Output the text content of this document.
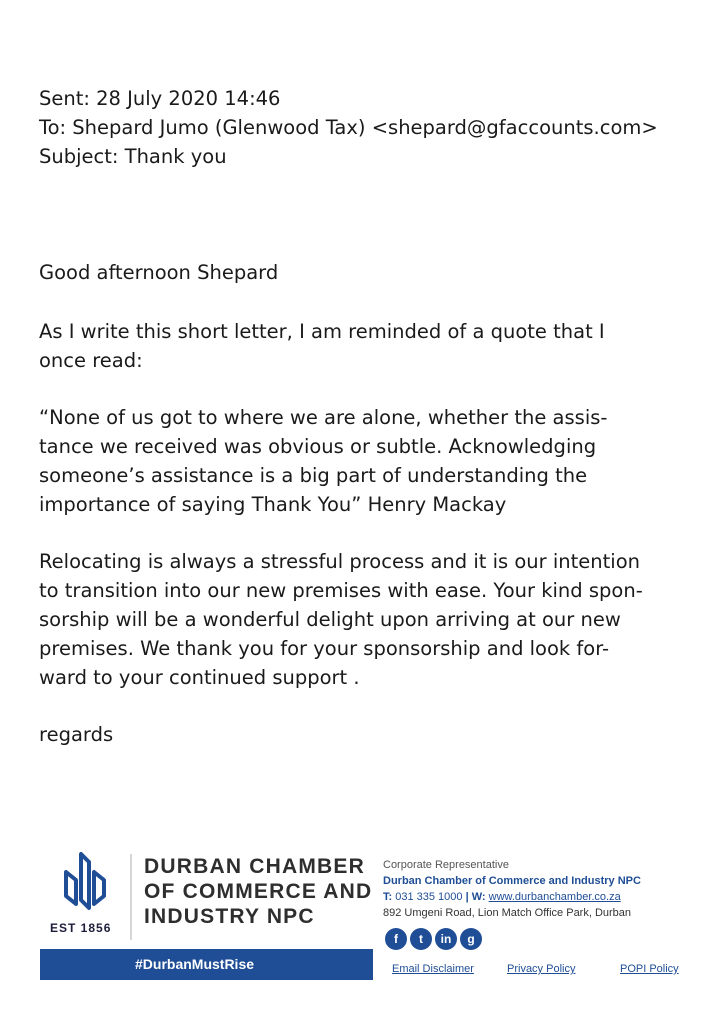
Sent: 28 July 2020 14:46
To: Shepard Jumo (Glenwood Tax) <shepard@gfaccounts.com>
Subject: Thank you
Good afternoon Shepard
As I write this short letter, I am reminded of a quote that I
once read:
“None of us got to where we are alone, whether the assis-
tance we received was obvious or subtle. Acknowledging
someone’s assistance is a big part of understanding the
importance of saying Thank You” Henry Mackay
Relocating is always a stressful process and it is our intention
to transition into our new premises with ease. Your kind spon-
sorship will be a wonderful delight upon arriving at our new
premises. We thank you for your sponsorship and look for-
ward to your continued support .
regards
EST 1856
DURBAN CHAMBER
OF COMMERCE AND
INDUSTRY NPC
#DurbanMustRise
Corporate Representative
Durban Chamber of Commerce and Industry NPC
T: 031 335 1000 | W: www.durbanchamber.co.za
892 Umgeni Road, Lion Match Office Park, Durban
f	t	in	g
Email Disclaimer	Privacy Policy	POPI Policy
